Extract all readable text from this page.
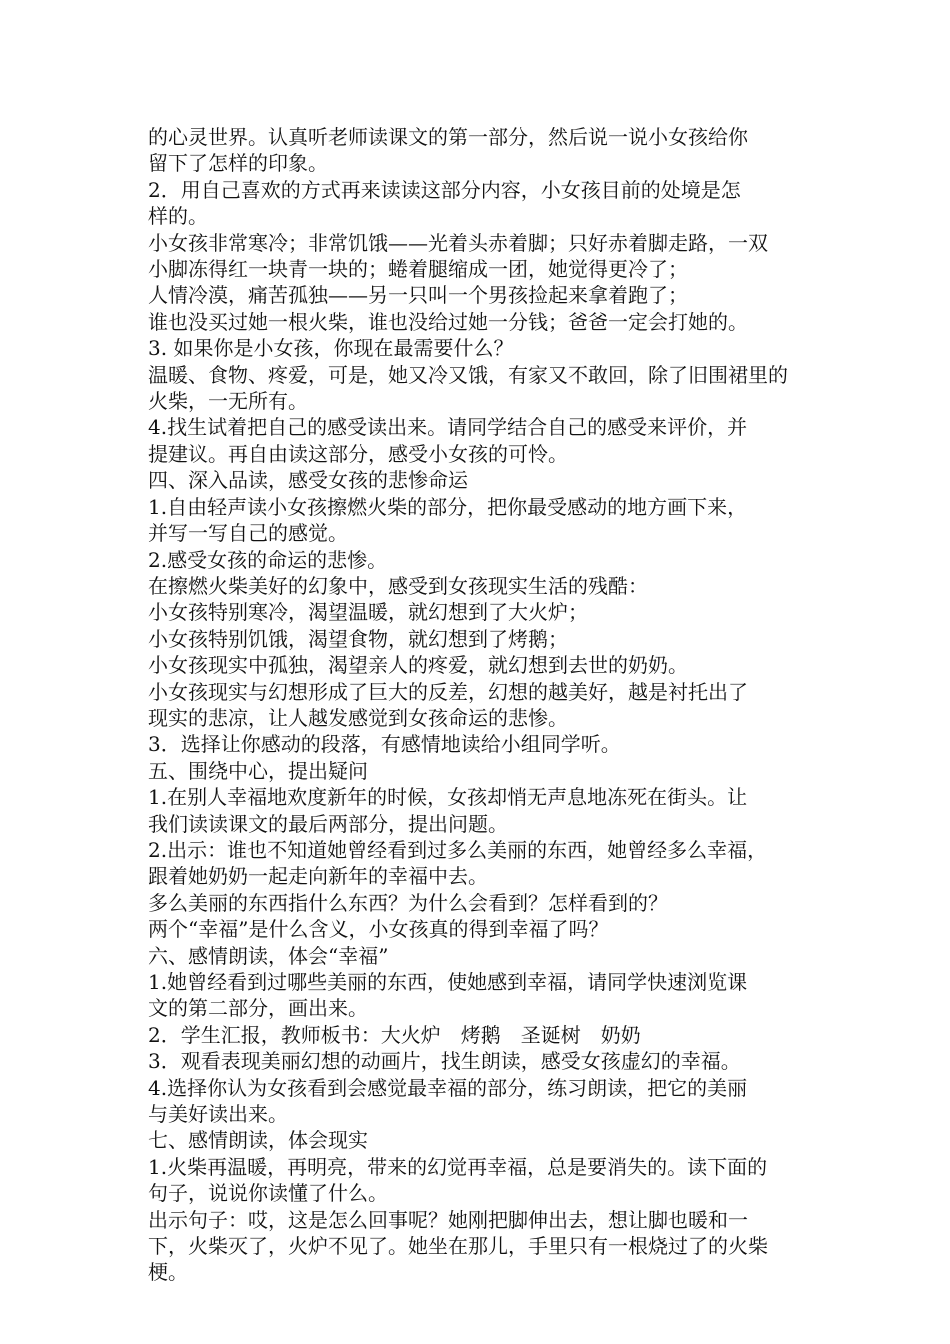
的心灵世界。认真听老师读课文的第一部分，然后说一说小女孩给你
留下了怎样的印象。
2．用自己喜欢的方式再来读读这部分内容，小女孩目前的处境是怎
样的。
小女孩非常寒冷；非常饥饿——光着头赤着脚；只好赤着脚走路，一双
小脚冻得红一块青一块的；蜷着腿缩成一团，她觉得更冷了；
人情冷漠，痛苦孤独——另一只叫一个男孩捡起来拿着跑了；
谁也没买过她一根火柴，谁也没给过她一分钱；爸爸一定会打她的。
3. 如果你是小女孩，你现在最需要什么？
温暖、食物、疼爱，可是，她又冷又饿，有家又不敢回，除了旧围裙里的
火柴，一无所有。
4.找生试着把自己的感受读出来。请同学结合自己的感受来评价，并
提建议。再自由读这部分，感受小女孩的可怜。
四、深入品读，感受女孩的悲惨命运
1.自由轻声读小女孩擦燃火柴的部分，把你最受感动的地方画下来，
并写一写自己的感觉。
2.感受女孩的命运的悲惨。
在擦燃火柴美好的幻象中，感受到女孩现实生活的残酷：
小女孩特别寒冷，渴望温暖，就幻想到了大火炉；
小女孩特别饥饿，渴望食物，就幻想到了烤鹅；
小女孩现实中孤独，渴望亲人的疼爱，就幻想到去世的奶奶。
小女孩现实与幻想形成了巨大的反差，幻想的越美好，越是衬托出了
现实的悲凉，让人越发感觉到女孩命运的悲惨。
3．选择让你感动的段落，有感情地读给小组同学听。
五、围绕中心，提出疑问
1.在别人幸福地欢度新年的时候，女孩却悄无声息地冻死在街头。让
我们读读课文的最后两部分，提出问题。
2.出示：谁也不知道她曾经看到过多么美丽的东西，她曾经多么幸福，
跟着她奶奶一起走向新年的幸福中去。
多么美丽的东西指什么东西？为什么会看到？怎样看到的？
两个“幸福”是什么含义，小女孩真的得到幸福了吗？
六、感情朗读，体会“幸福”
1.她曾经看到过哪些美丽的东西，使她感到幸福，请同学快速浏览课
文的第二部分，画出来。
2．学生汇报，教师板书：大火炉　烤鹅　圣诞树　奶奶
3．观看表现美丽幻想的动画片，找生朗读，感受女孩虚幻的幸福。
4.选择你认为女孩看到会感觉最幸福的部分，练习朗读，把它的美丽
与美好读出来。
七、感情朗读，体会现实
1.火柴再温暖，再明亮，带来的幻觉再幸福，总是要消失的。读下面的
句子，说说你读懂了什么。
出示句子：哎，这是怎么回事呢？她刚把脚伸出去，想让脚也暖和一
下，火柴灭了，火炉不见了。她坐在那儿，手里只有一根烧过了的火柴
梗。
